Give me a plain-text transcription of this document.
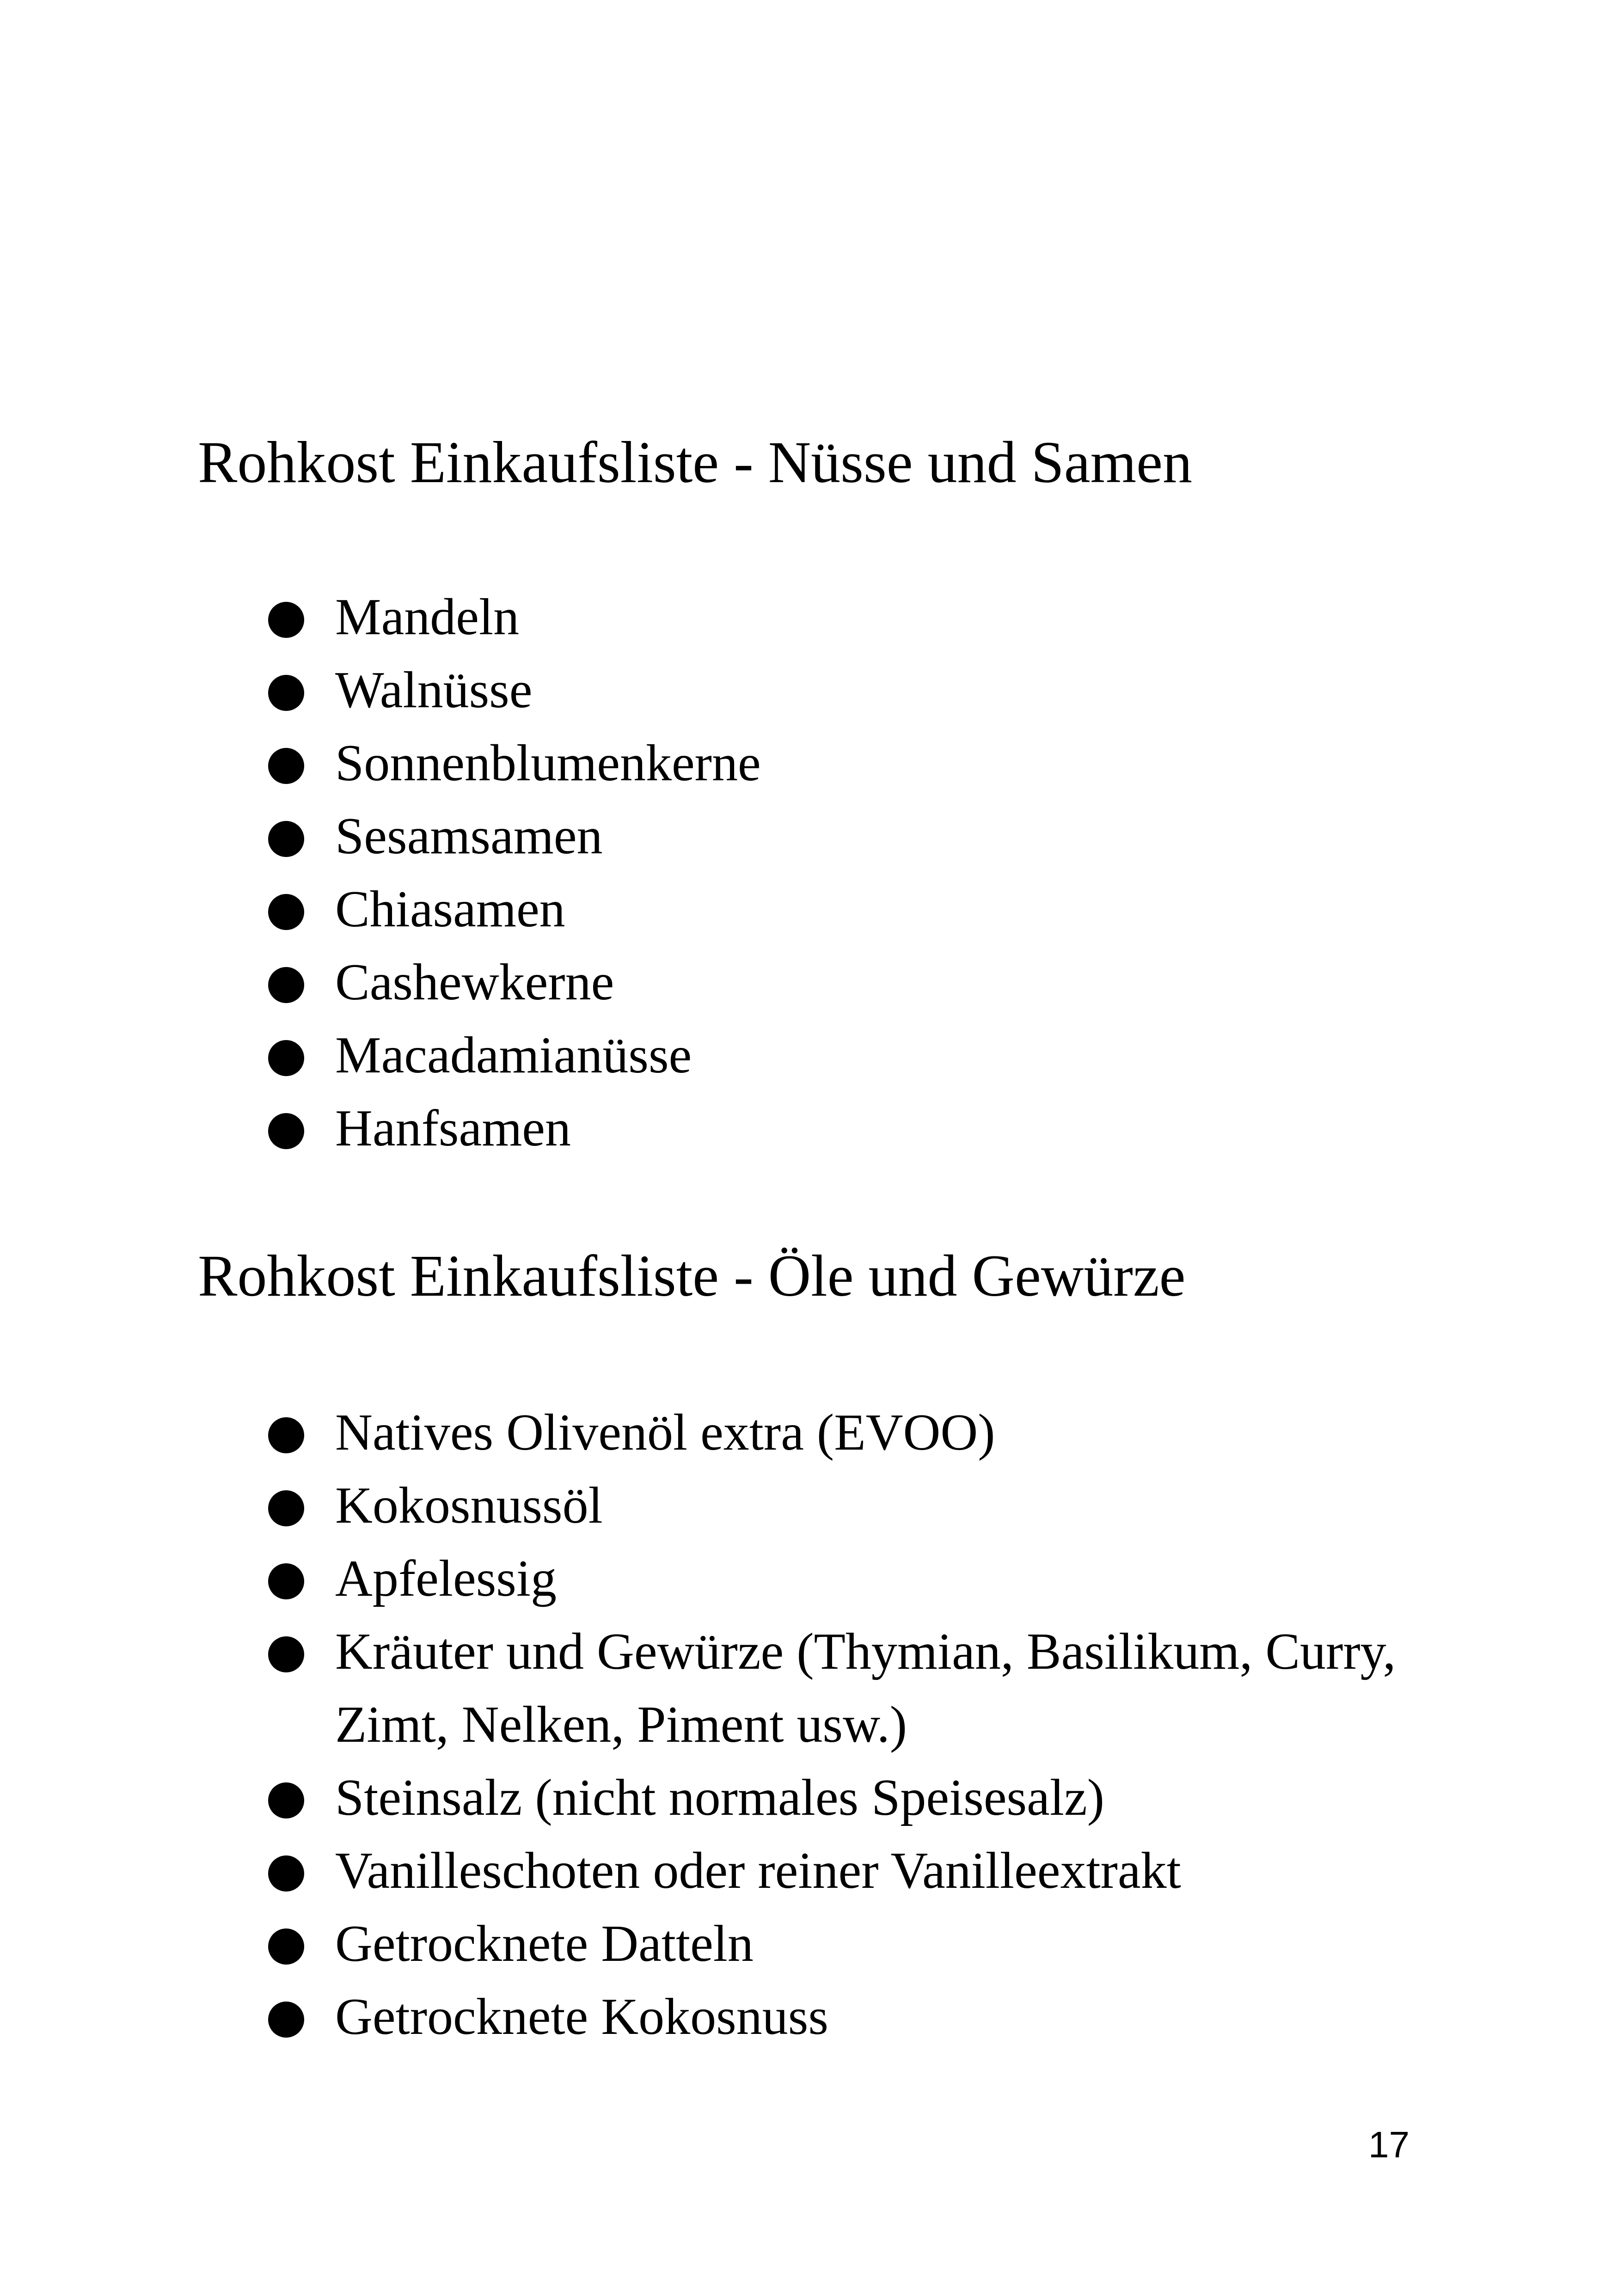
Rohkost Einkaufsliste - Nüsse und Samen
Mandeln
Walnüsse
Sonnenblumenkerne
Sesamsamen
Chiasamen
Cashewkerne
Macadamianüsse
Hanfsamen
Rohkost Einkaufsliste - Öle und Gewürze
Natives Olivenöl extra (EVOO)
Kokosnussöl
Apfelessig
Kräuter und Gewürze (Thymian, Basilikum, Curry, Zimt, Nelken, Piment usw.)
Steinsalz (nicht normales Speisesalz)
Vanilleschoten oder reiner Vanilleextrakt
Getrocknete Datteln
Getrocknete Kokosnuss
17
